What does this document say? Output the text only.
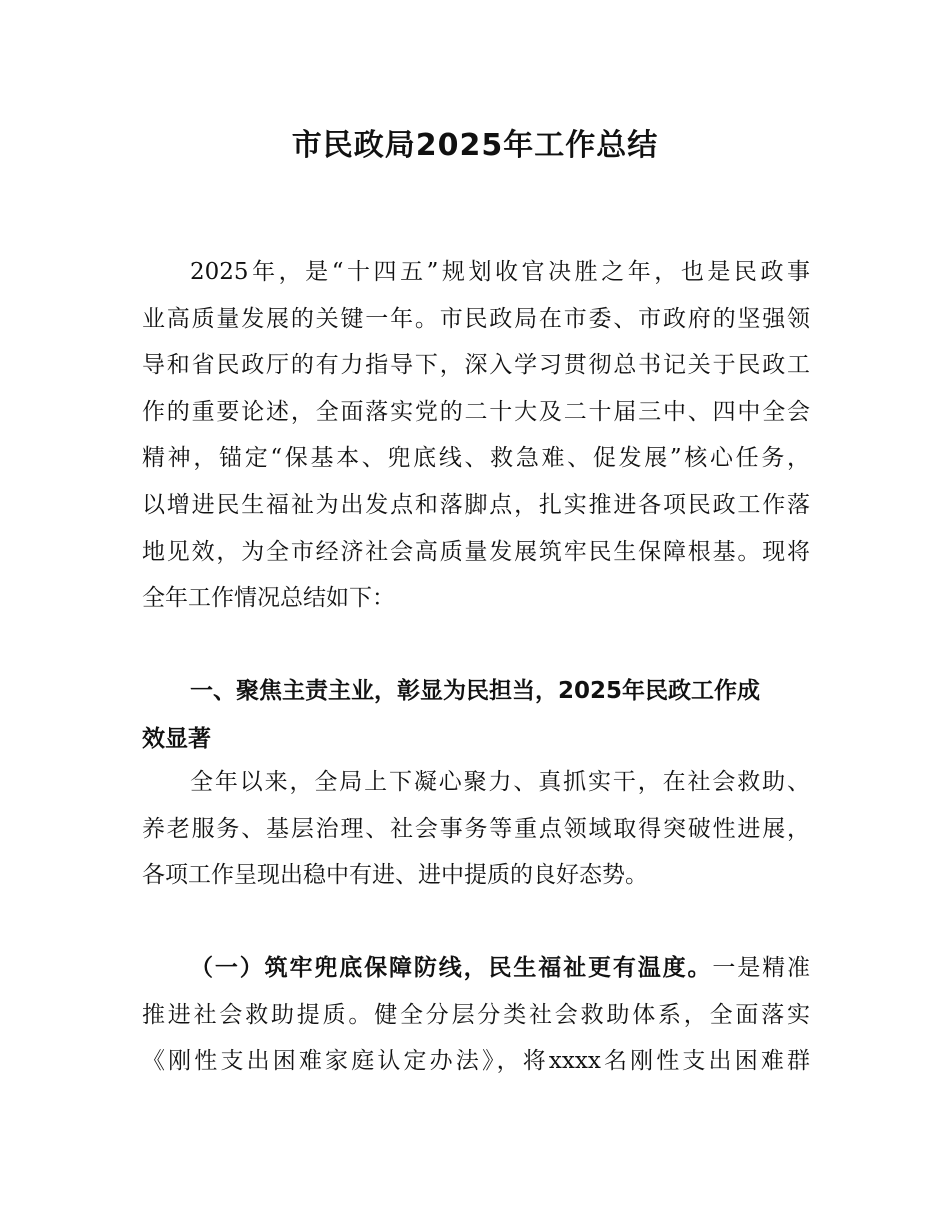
市民政局2025年工作总结
2025年，是“十四五”规划收官决胜之年，也是民政事
业高质量发展的关键一年。市民政局在市委、市政府的坚强领
导和省民政厅的有力指导下，深入学习贯彻总书记关于民政工
作的重要论述，全面落实党的二十大及二十届三中、四中全会
精神，锚定“保基本、兜底线、救急难、促发展”核心任务，
以增进民生福祉为出发点和落脚点，扎实推进各项民政工作落
地见效，为全市经济社会高质量发展筑牢民生保障根基。现将
全年工作情况总结如下：
一、聚焦主责主业，彰显为民担当，2025年民政工作成
效显著
全年以来，全局上下凝心聚力、真抓实干，在社会救助、
养老服务、基层治理、社会事务等重点领域取得突破性进展，
各项工作呈现出稳中有进、进中提质的良好态势。
（一）筑牢兜底保障防线，民生福祉更有温度。一是精准
推进社会救助提质。健全分层分类社会救助体系，全面落实
《刚性支出困难家庭认定办法》，将xxxx名刚性支出困难群
